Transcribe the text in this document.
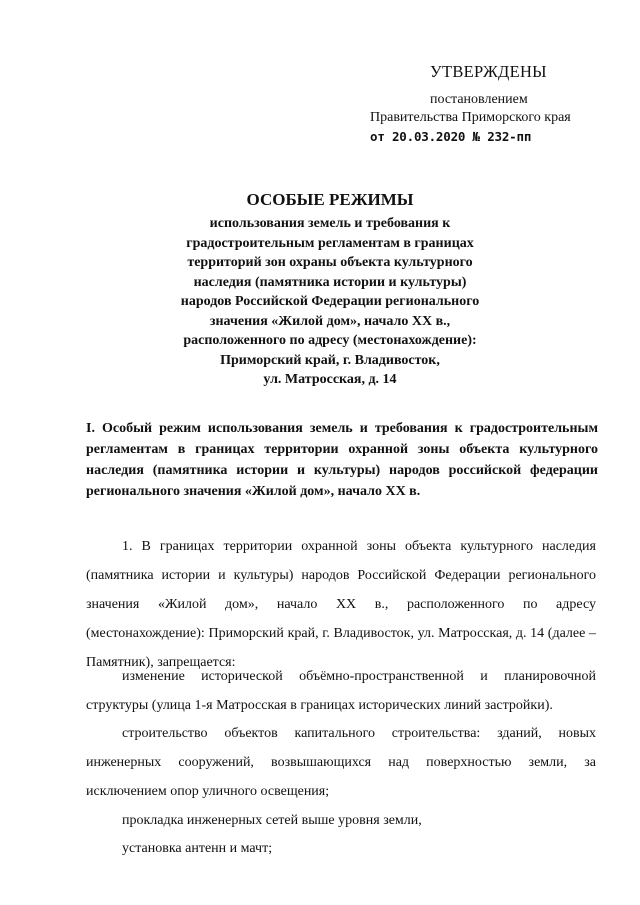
УТВЕРЖДЕНЫ
постановлением
Правительства Приморского края
от 20.03.2020 № 232-пп
ОСОБЫЕ РЕЖИМЫ
использования земель и требования к
градостроительным регламентам в границах
территорий зон охраны объекта культурного
наследия (памятника истории и культуры)
народов Российской Федерации регионального
значения «Жилой дом», начало XX в.,
расположенного по адресу (местонахождение):
Приморский край, г. Владивосток,
ул. Матросская, д. 14
I. Особый режим использования земель и требования к градостроительным регламентам в границах территории охранной зоны объекта культурного наследия (памятника истории и культуры) народов российской федерации регионального значения «Жилой дом», начало XX в.
1. В границах территории охранной зоны объекта культурного наследия (памятника истории и культуры) народов Российской Федерации регионального значения «Жилой дом», начало XX в., расположенного по адресу (местонахождение): Приморский край, г. Владивосток, ул. Матросская, д. 14 (далее – Памятник), запрещается:
изменение исторической объёмно-пространственной и планировочной структуры (улица 1-я Матросская в границах исторических линий застройки).
строительство объектов капитального строительства: зданий, новых инженерных сооружений, возвышающихся над поверхностью земли, за исключением опор уличного освещения;
прокладка инженерных сетей выше уровня земли,
установка антенн и мачт;
